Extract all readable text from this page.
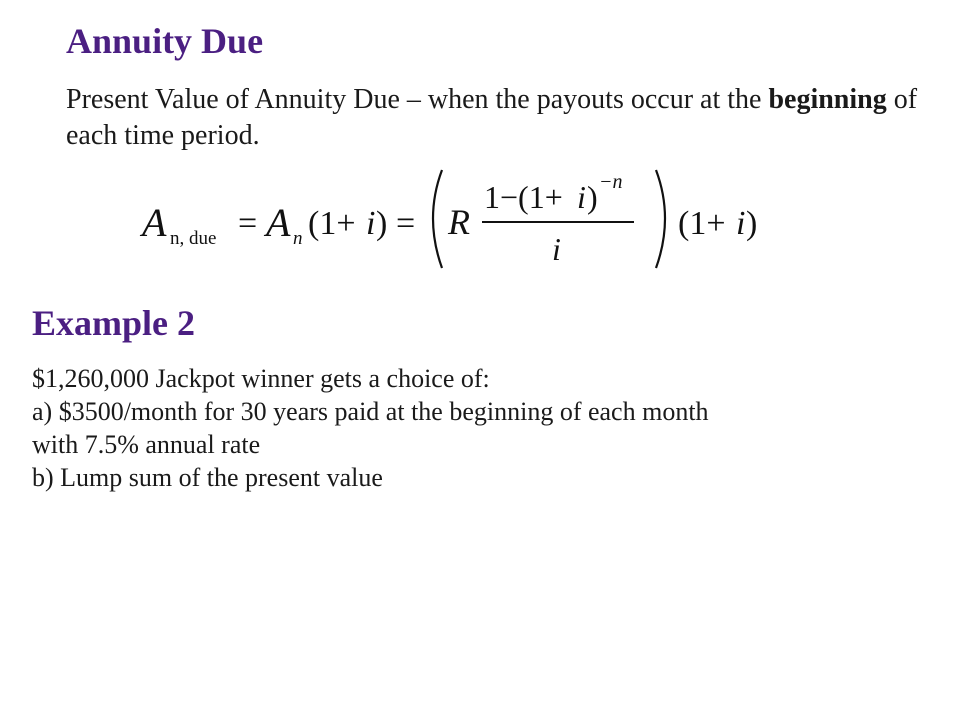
Annuity Due

Present Value of Annuity Due – when the payouts occur at the beginning of each time period.

A n, due = A n (1+ i ) = R
1−(1+ i ) −n
i
(1+ i )
Example 2
$1,260,000 Jackpot winner gets a choice of:
a) $3500/month for 30 years paid at the beginning of each month
with 7.5% annual rate
b) Lump sum of the present value
